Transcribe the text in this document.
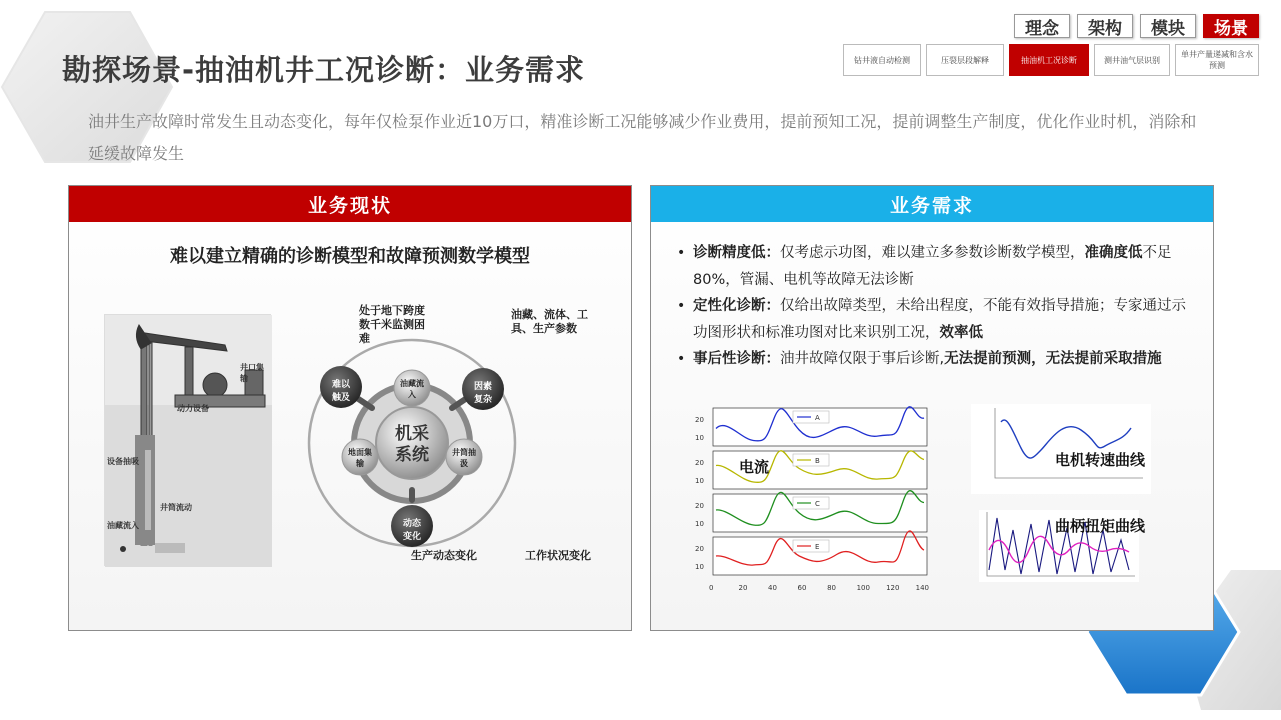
勘探场景-抽油机井工况诊断：业务需求
理念	架构	模块	场景
钻井液自动检测	压裂层段解释	抽油机工况诊断	测井油气层识别
单井产量递减和含水预测
油井生产故障时常发生且动态变化，每年仅检泵作业近10万口，精准诊断工况能够减少作业费用，提前预知工况，提前调整生产制度，优化作业时机，消除和延缓故障发生
业务现状
难以建立精确的诊断模型和故障预测数学模型
井口集输
动力设备
设备抽吸
井筒流动
油藏流入
机采
系统
油藏流入
地面集输
井筒抽汲
难以触及
因素复杂
动态变化
处于地下跨度数千米监测困难
油藏、流体、工具、生产参数
生产动态变化	工作状况变化
业务需求
• 诊断精度低：仅考虑示功图，难以建立多参数诊断数学模型，准确度低不足80%，管漏、电机等故障无法诊断
• 定性化诊断：仅给出故障类型，未给出程度，不能有效指导措施；专家通过示功图形状和标准功图对比来识别工况，效率低
• 事后性诊断：油井故障仅限于事后诊断,无法提前预测，无法提前采取措施
A
10
20
B
10
20
C
10
20
E
10
20
0	20	40	60	80	100 120 140
电流	电机转速曲线
曲柄扭矩曲线
